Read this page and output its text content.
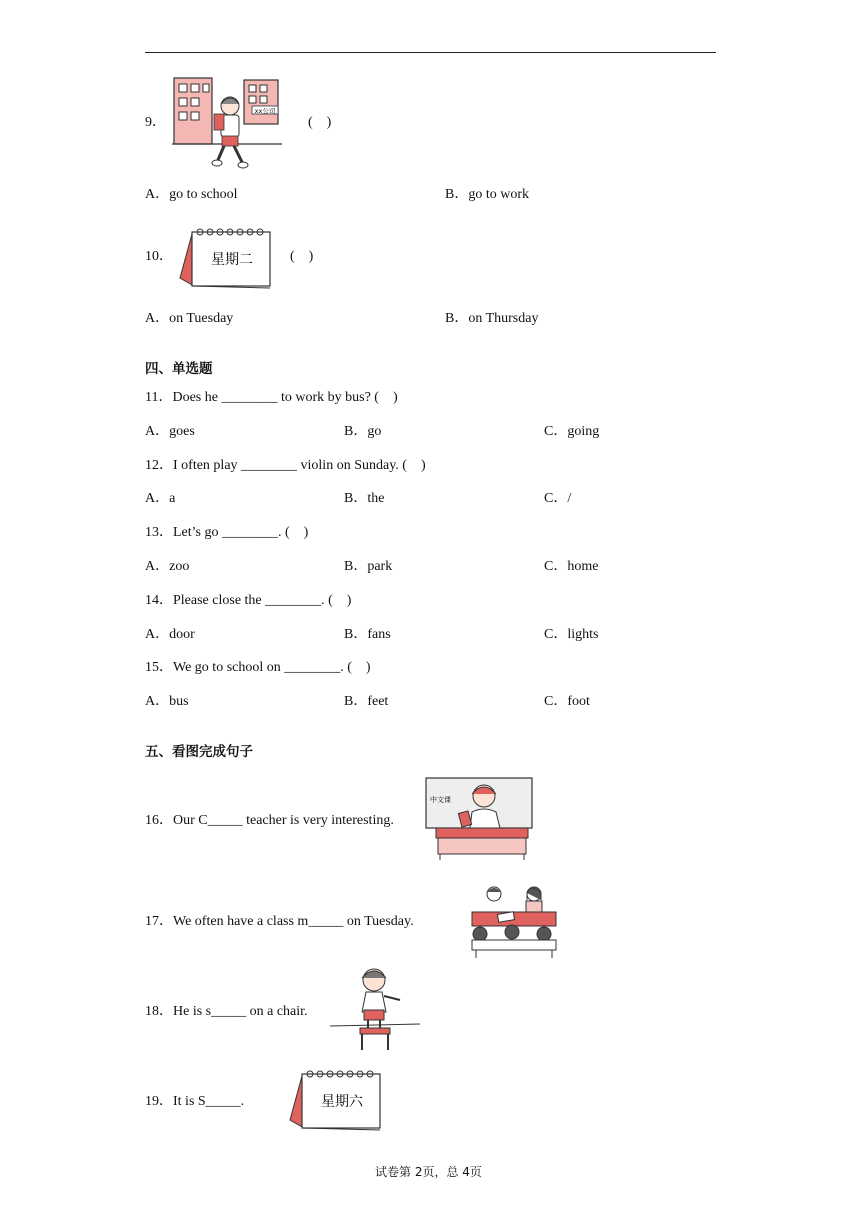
9．
xx公司
(    )
A．go to school	B．go to work
10．	星期二	(    )
A．on Tuesday	B．on Thursday
四、单选题
11．Does he ________ to work by bus? (    )
A．goes	B．go	C．going
12．I often play ________ violin on Sunday. (    )
A．a	B．the	C．/
13．Let’s go ________. (    )
A．zoo	B．park	C．home
14．Please close the ________. (    )
A．door	B．fans	C．lights
15．We go to school on ________. (    )
A．bus	B．feet	C．foot
五、看图完成句子
16．Our C_____ teacher is very interesting.
中文课
17．We often have a class m_____ on Tuesday.
18．He is s_____ on a chair.
19．It is S_____.	星期六
试卷第 2页，总 4页
